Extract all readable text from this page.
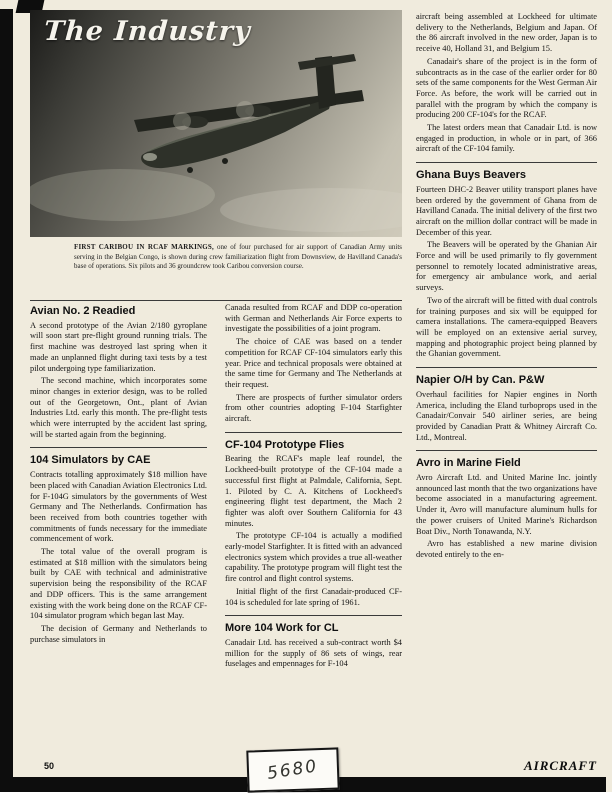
The Industry

FIRST CARIBOU IN RCAF MARKINGS, one of four purchased for air support of Canadian Army units serving in the Belgian Congo, is shown during crew familiarization flight from Downsview, de Havilland Canada's base of operations. Six pilots and 36 groundcrew took Caribou conversion course.

Avian No. 2 Readied

A second prototype of the Avian 2/180 gyroplane will soon start pre-flight ground running trials. The first machine was destroyed last spring when it made an unplanned flight during taxi tests by a test pilot undergoing type familiarization.

The second machine, which incorporates some minor changes in exterior design, was to be rolled out of the Georgetown, Ont., plant of Avian Industries Ltd. early this month. The pre-flight tests which were interrupted by the accident last spring, will be started again from the beginning.

104 Simulators by CAE

Contracts totalling approximately $18 million have been placed with Canadian Aviation Electronics Ltd. for F-104G simulators by the governments of West Germany and The Netherlands. Confirmation has been received from both countries together with commitments of funds necessary for the immediate commencement of work.

The total value of the overall program is estimated at $18 million with the simulators being built by CAE with technical and administrative supervision being the responsibility of the RCAF and DDP officers. This is the same arrangement existing with the work being done on the RCAF CF-104 simulator program which began last May.

The decision of Germany and Netherlands to purchase simulators in

Canada resulted from RCAF and DDP co-operation with German and Netherlands Air Force experts to investigate the possibilities of a joint program.

The choice of CAE was based on a tender competition for RCAF CF-104 simulators early this year. Price and technical proposals were obtained at the same time for Germany and The Netherlands at their request.

There are prospects of further simulator orders from other countries adopting F-104 Starfighter aircraft.

CF-104 Prototype Flies

Bearing the RCAF's maple leaf roundel, the Lockheed-built prototype of the CF-104 made a successful first flight at Palmdale, California, Sept. 1. Piloted by C. A. Kitchens of Lockheed's engineering flight test department, the Mach 2 fighter was aloft over Southern California for 43 minutes.

The prototype CF-104 is actually a modified early-model Starfighter. It is fitted with an advanced electronics system which provides a true all-weather capability. The prototype program will flight test the fire control and flight control systems.

Initial flight of the first Canadair-produced CF-104 is scheduled for late spring of 1961.

More 104 Work for CL

Canadair Ltd. has received a sub-contract worth $4 million for the supply of 86 sets of wings, rear fuselages and empennages for F-104

aircraft being assembled at Lockheed for ultimate delivery to the Netherlands, Belgium and Japan. Of the 86 aircraft involved in the new order, Japan is to receive 40, Holland 31, and Belgium 15.

Canadair's share of the project is in the form of subcontracts as in the case of the earlier order for 80 sets of the same components for the West German Air Force. As before, the work will be carried out in parallel with the program by which the company is producing 200 CF-104's for the RCAF.

The latest orders mean that Canadair Ltd. is now engaged in production, in whole or in part, of 366 aircraft of the CF-104 family.

Ghana Buys Beavers

Fourteen DHC-2 Beaver utility transport planes have been ordered by the government of Ghana from de Havilland Canada. The initial delivery of the first two aircraft on the million dollar contract will be made in December of this year.

The Beavers will be operated by the Ghanian Air Force and will be used primarily to fly government personnel to remotely located administrative areas, for emergency air ambulance work, and aerial surveys.

Two of the aircraft will be fitted with dual controls for training purposes and six will be equipped for camera installations. The camera-equipped Beavers will be employed on an extensive aerial survey, mapping and photographic project being planned by the Ghanian government.

Napier O/H by Can. P&W

Overhaul facilities for Napier engines in North America, including the Eland turboprops used in the Canadair/Convair 540 airliner series, are being provided by Canadian Pratt & Whitney Aircraft Co. Ltd., Montreal.

Avro in Marine Field

Avro Aircraft Ltd. and United Marine Inc. jointly announced last month that the two organizations have become associated in a manufacturing agreement. Under it, Avro will manufacture aluminum hulls for the power cruisers of United Marine's Richardson Boat Div., North Tonawanda, N.Y.

Avro has established a new marine division devoted entirely to the en-

50	AIRCRAFT
5680
